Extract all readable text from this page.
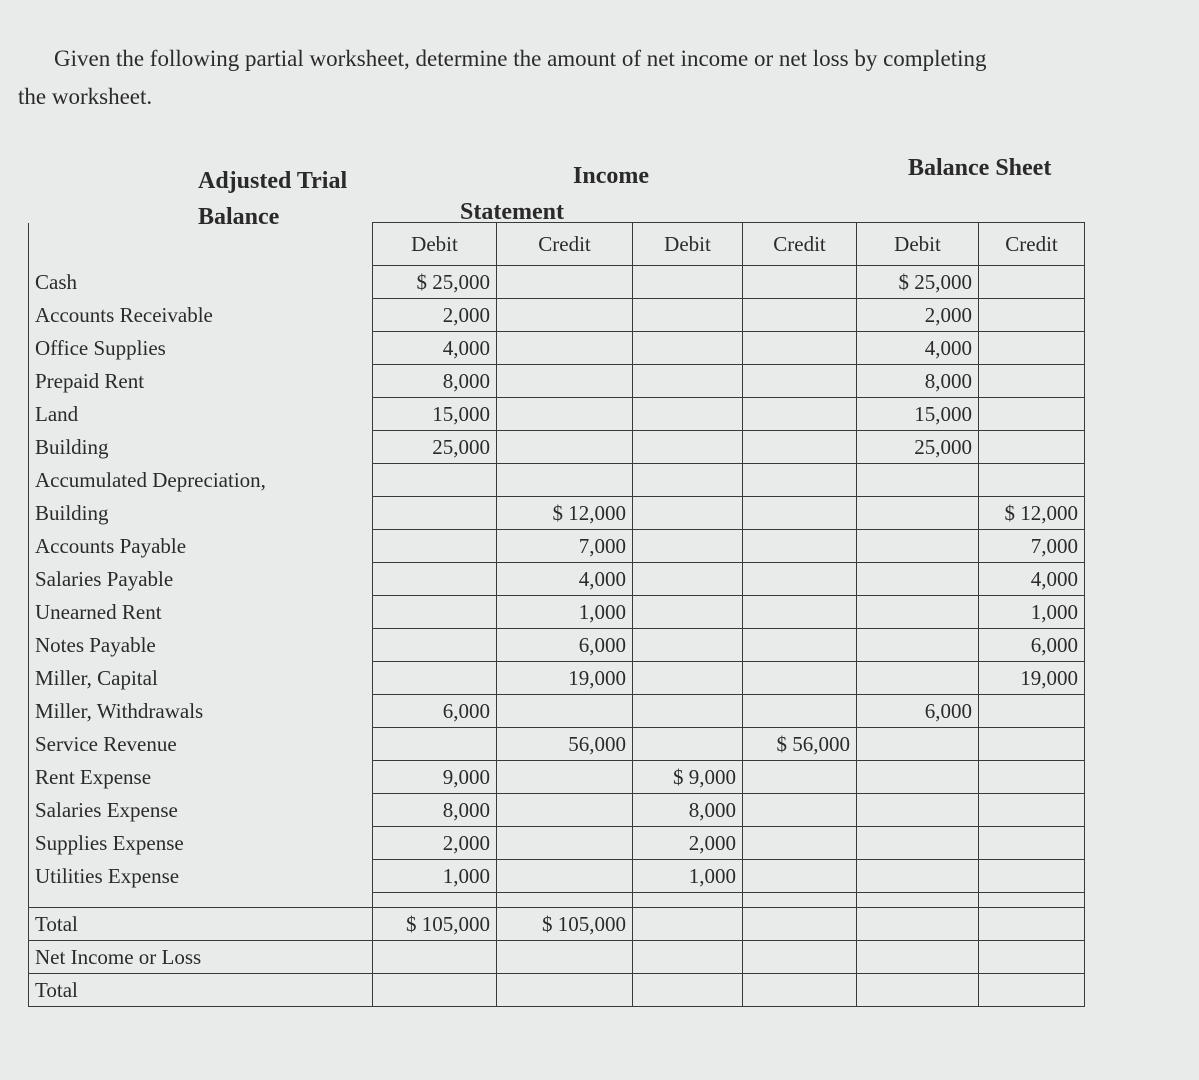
Given the following partial worksheet, determine the amount of net income or net loss by completing
the worksheet.
Adjusted Trial
Balance
Income
Statement
Balance Sheet
	Debit	Credit	Debit	Credit	Debit	Credit
Cash	$ 25,000				$ 25,000	
Accounts Receivable	2,000				2,000	
Office Supplies	4,000				4,000	
Prepaid Rent	8,000				8,000	
Land	15,000				15,000	
Building	25,000				25,000	
Accumulated Depreciation,						
Building		$ 12,000				$ 12,000
Accounts Payable		7,000				7,000
Salaries Payable		4,000				4,000
Unearned Rent		1,000				1,000
Notes Payable		6,000				6,000
Miller, Capital		19,000				19,000
Miller, Withdrawals	6,000				6,000	
Service Revenue		56,000		$ 56,000		
Rent Expense	9,000		$ 9,000			
Salaries Expense	8,000		8,000			
Supplies Expense	2,000		2,000			
Utilities Expense	1,000		1,000			

Total	$ 105,000	$ 105,000				
Net Income or Loss						
Total						
